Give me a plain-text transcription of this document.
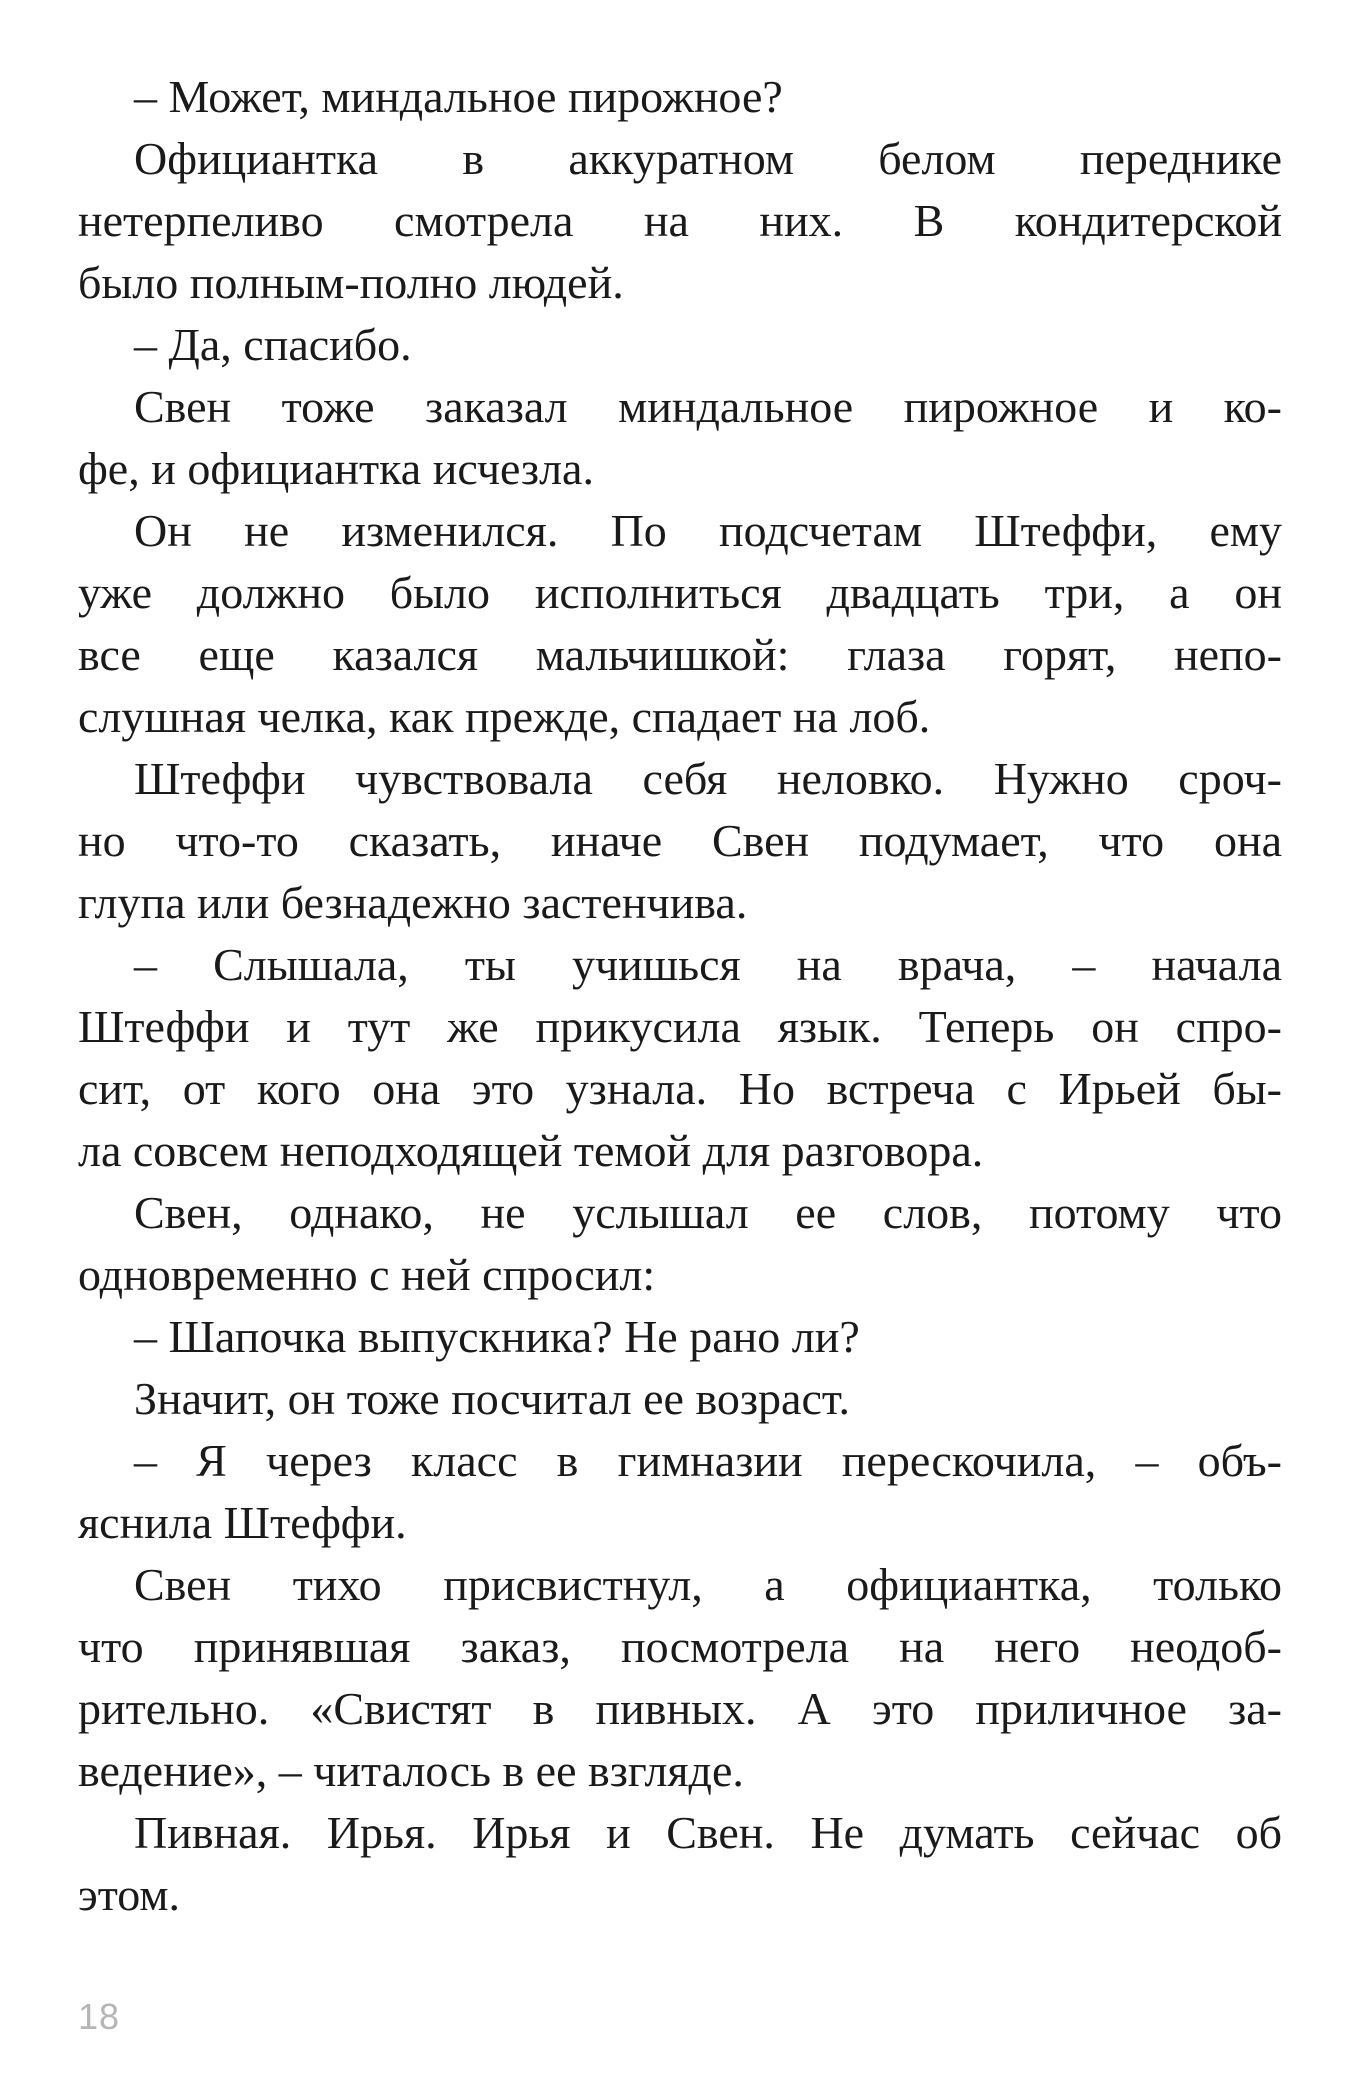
– Может, миндальное пирожное?
Официантка в аккуратном белом переднике
нетерпеливо смотрела на них. В кондитерской
было полным-полно людей.
– Да, спасибо.
Свен тоже заказал миндальное пирожное и ко-
фе, и официантка исчезла.
Он не изменился. По подсчетам Штеффи, ему
уже должно было исполниться двадцать три, а он
все еще казался мальчишкой: глаза горят, непо-
слушная челка, как прежде, спадает на лоб.
Штеффи чувствовала себя неловко. Нужно сроч-
но что-то сказать, иначе Свен подумает, что она
глупа или безнадежно застенчива.
– Слышала, ты учишься на врача, – начала
Штеффи и тут же прикусила язык. Теперь он спро-
сит, от кого она это узнала. Но встреча с Ирьей бы-
ла совсем неподходящей темой для разговора.
Свен, однако, не услышал ее слов, потому что
одновременно с ней спросил:
– Шапочка выпускника? Не рано ли?
Значит, он тоже посчитал ее возраст.
– Я через класс в гимназии перескочила, – объ-
яснила Штеффи.
Свен тихо присвистнул, а официантка, только
что принявшая заказ, посмотрела на него неодоб-
рительно. «Свистят в пивных. А это приличное за-
ведение», – читалось в ее взгляде.
Пивная. Ирья. Ирья и Свен. Не думать сейчас об
этом.
18
